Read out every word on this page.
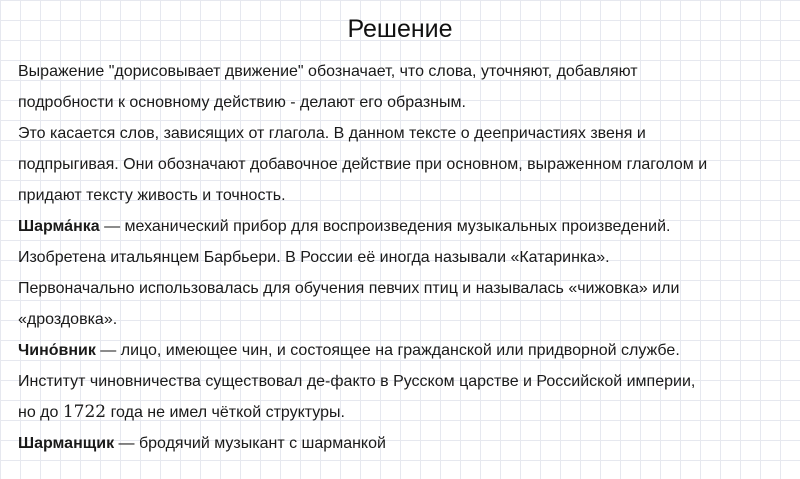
Решение
Выражение "дорисовывает движение" обозначает, что слова, уточняют, добавляют
подробности к основному действию - делают его образным.
Это касается слов, зависящих от глагола. В данном тексте о деепричастиях звеня и
подпрыгивая. Они обозначают добавочное действие при основном, выраженном глаголом и
придают тексту живость и точность.
Шарма́нка — механический прибор для воспроизведения музыкальных произведений.
Изобретена итальянцем Барбьери. В России её иногда называли «Катаринка».
Первоначально использовалась для обучения певчих птиц и называлась «чижовка» или
«дроздовка».
Чино́вник — лицо, имеющее чин, и состоящее на гражданской или придворной службе.
Институт чиновничества существовал де-факто в Русском царстве и Российской империи,
но до 1722 года не имел чёткой структуры.
Шарманщик — бродячий музыкант с шарманкой
